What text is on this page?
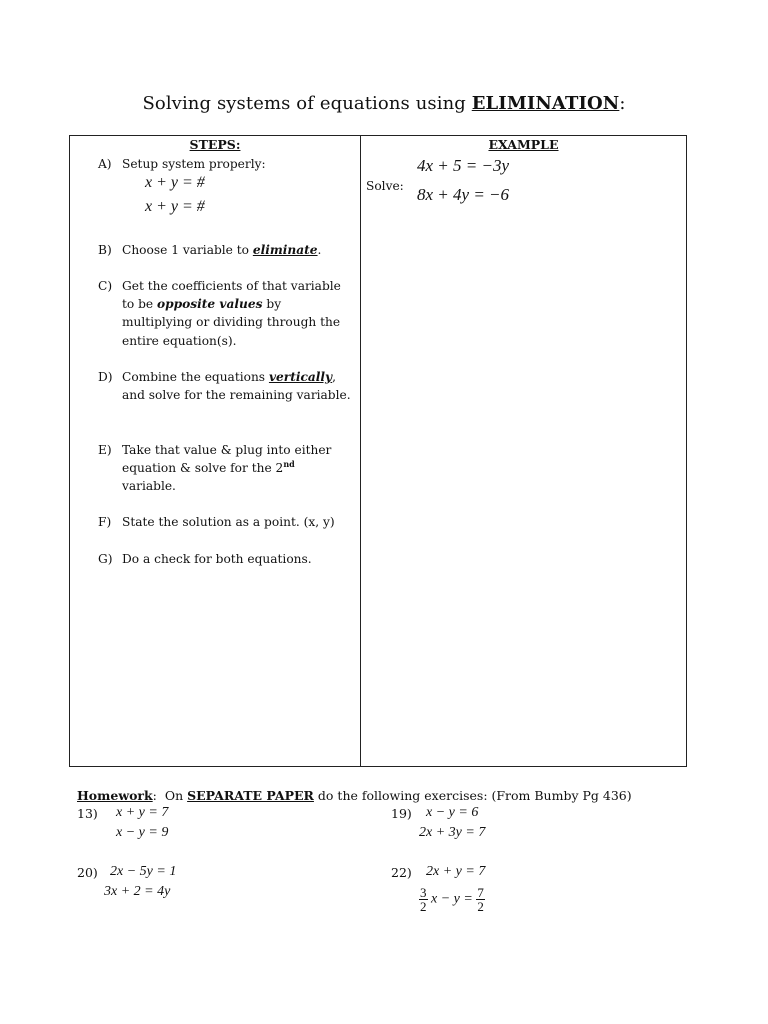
Solving systems of equations using ELIMINATION:
STEPS:	EXAMPLE
A) Setup system properly:
x + y = #
x + y = #
B) Choose 1 variable to eliminate.
C) Get the coefficients of that variable to be opposite values by multiplying or dividing through the entire equation(s).
D) Combine the equations vertically, and solve for the remaining variable.
E) Take that value & plug into either equation & solve for the 2nd variable.
F) State the solution as a point. (x, y)
G) Do a check for both equations.
Solve:
4x + 5 = −3y
8x + 4y = −6
Homework:  On SEPARATE PAPER do the following exercises: (From Bumby Pg 436)
13) x + y = 7
x − y = 9
19) x − y = 6
2x + 3y = 7
20) 2x − 5y = 1
3x + 2 = 4y
22) 2x + y = 7
$\frac{3}{2}$ $x - y = \frac{7}{2}$
